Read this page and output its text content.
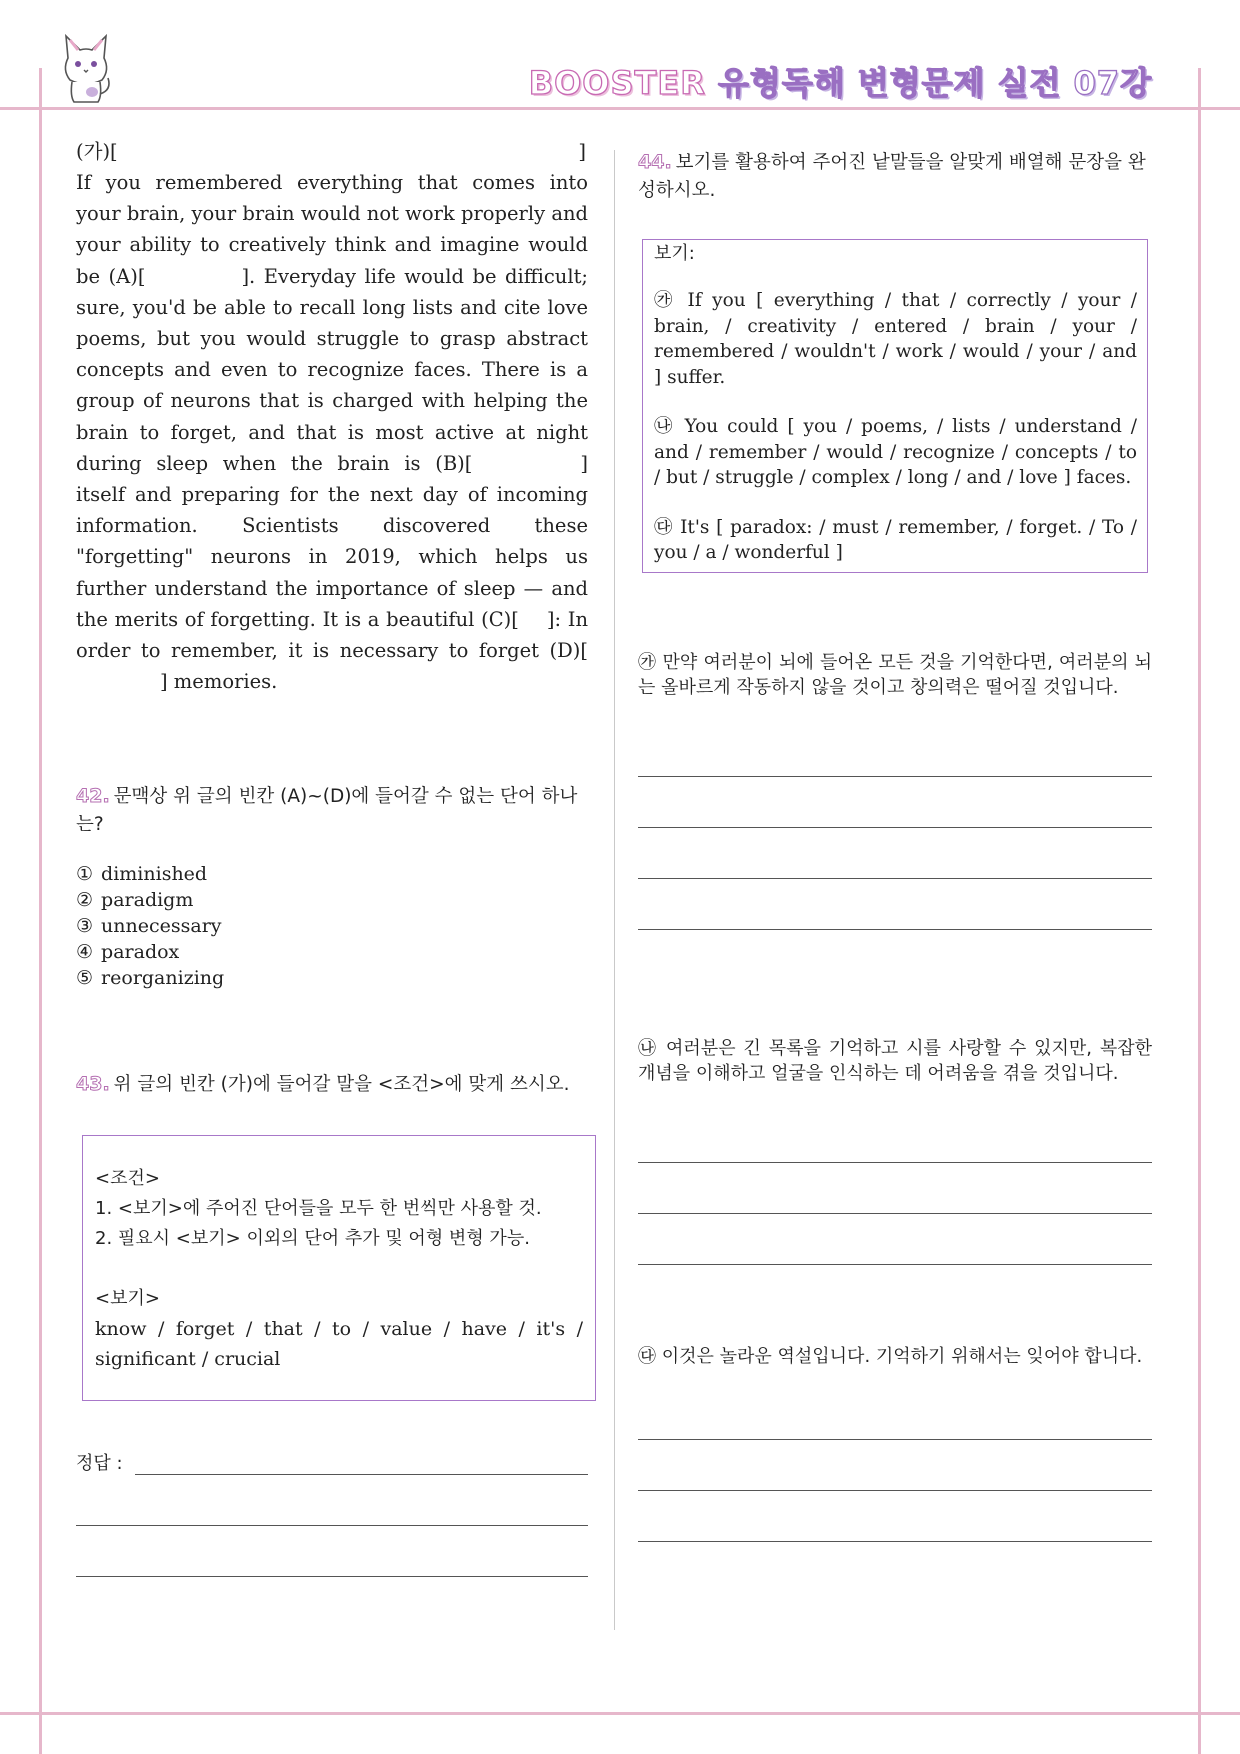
BOOSTER 유형독해 변형문제 실전 07강
(가)[	]

If you remembered everything that comes into your brain, your brain would not work properly and your ability to creatively think and imagine would be (A)[	]. Everyday life would be difficult; sure, you'd be able to recall long lists and cite love poems, but you would struggle to grasp abstract concepts and even to recognize faces. There is a group of neurons that is charged with helping the brain to forget, and that is most active at night during sleep when the brain is (B)[	] itself and preparing for the next day of incoming information. Scientists discovered these "forgetting" neurons in 2019, which helps us further understand the importance of sleep — and the merits of forgetting. It is a beautiful (C)[ ]: In order to remember, it is necessary to forget (D)[] memories.

42. 문맥상 위 글의 빈칸 (A)~(D)에 들어갈 수 없는 단어 하나는?

① diminished
② paradigm
③ unnecessary
④ paradox
⑤ reorganizing

43. 위 글의 빈칸 (가)에 들어갈 말을 <조건>에 맞게 쓰시오.

<조건>
1. <보기>에 주어진 단어들을 모두 한 번씩만 사용할 것.
2. 필요시 <보기> 이외의 단어 추가 및 어형 변형 가능.
<보기>
know / forget / that / to / value / have / it's / significant / crucial
정답 :

44. 보기를 활용하여 주어진 낱말들을 알맞게 배열해 문장을 완성하시오.

보기:

㉮ If you [ everything / that / correctly / your / brain, / creativity / entered / brain / your / remembered / wouldn't / work / would / your / and ] suffer.

㉯ You could [ you / poems, / lists / understand / and / remember / would / recognize / concepts / to / but / struggle / complex / long / and / love ] faces.

㉰ It's [ paradox: / must / remember, / forget. / To / you / a / wonderful ]

㉮ 만약 여러분이 뇌에 들어온 모든 것을 기억한다면, 여러분의 뇌는 올바르게 작동하지 않을 것이고 창의력은 떨어질 것입니다.

㉯ 여러분은 긴 목록을 기억하고 시를 사랑할 수 있지만, 복잡한 개념을 이해하고 얼굴을 인식하는 데 어려움을 겪을 것입니다.

㉰ 이것은 놀라운 역설입니다. 기억하기 위해서는 잊어야 합니다.
